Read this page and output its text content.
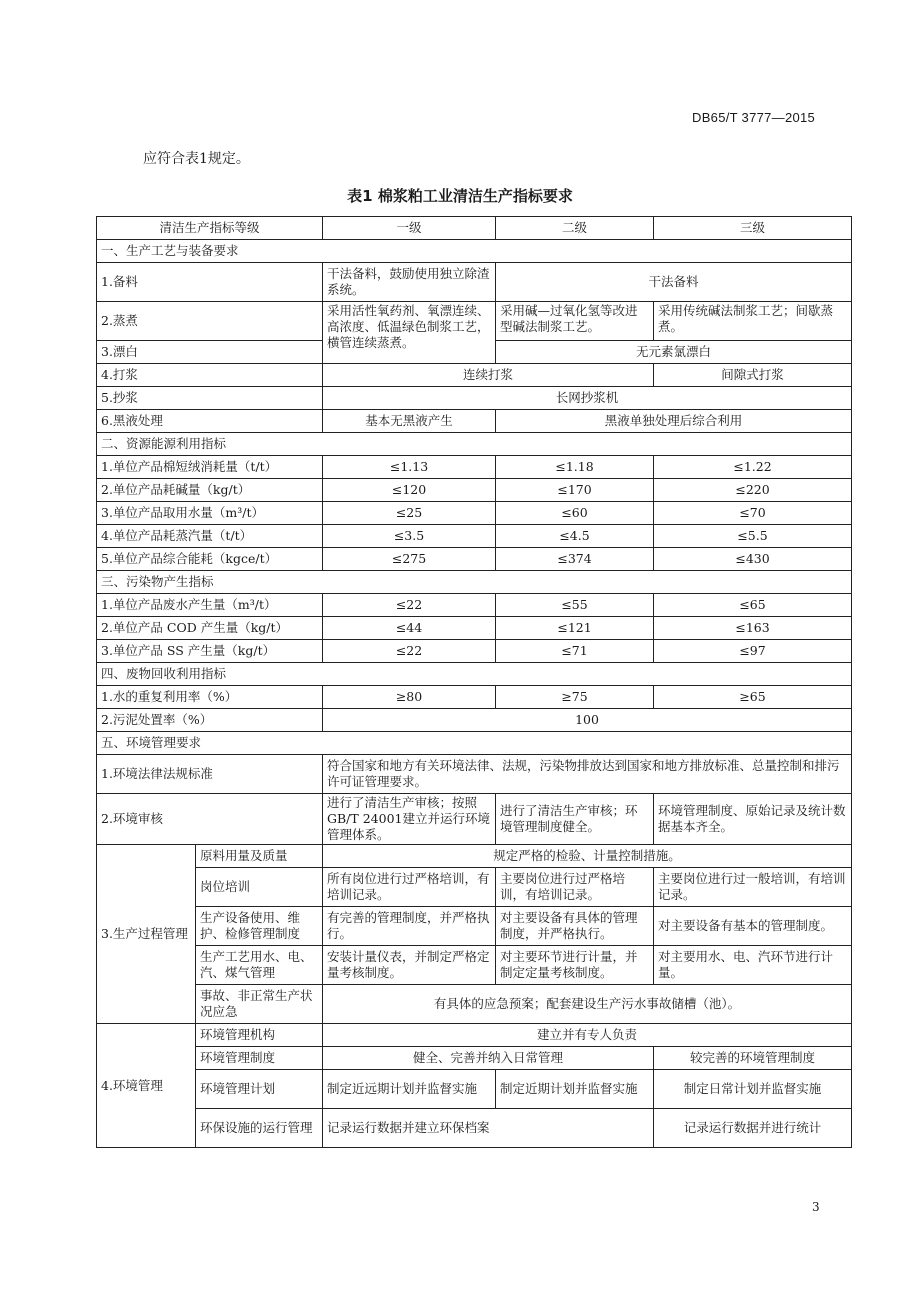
DB65/T 3777—2015
应符合表1规定。
表1 棉浆粕工业清洁生产指标要求
清洁生产指标等级		一级	二级	三级
一、生产工艺与装备要求				
1.备料		干法备料，鼓励使用独立除渣系统。	干法备料	
2.蒸煮		采用活性氧药剂、氧漂连续、高浓度、低温绿色制浆工艺，横管连续蒸煮。	采用碱—过氧化氢等改进型碱法制浆工艺。	采用传统碱法制浆工艺；间歇蒸煮。
3.漂白			无元素氯漂白	
4.打浆		连续打浆		间隙式打浆
5.抄浆		长网抄浆机		
6.黑液处理		基本无黑液产生	黑液单独处理后综合利用	
二、资源能源利用指标				
1.单位产品棉短绒消耗量（t/t）		≤1.13	≤1.18	≤1.22
2.单位产品耗碱量（kg/t）		≤120	≤170	≤220
3.单位产品取用水量（m³/t）		≤25	≤60	≤70
4.单位产品耗蒸汽量（t/t）		≤3.5	≤4.5	≤5.5
5.单位产品综合能耗（kgce/t）		≤275	≤374	≤430
三、污染物产生指标				
1.单位产品废水产生量（m³/t）		≤22	≤55	≤65
2.单位产品 COD 产生量（kg/t）		≤44	≤121	≤163
3.单位产品 SS 产生量（kg/t）		≤22	≤71	≤97
四、废物回收利用指标				
1.水的重复利用率（%）		≥80	≥75	≥65
2.污泥处置率（%）		100		
五、环境管理要求				
1.环境法律法规标准		符合国家和地方有关环境法律、法规，污染物排放达到国家和地方排放标准、总量控制和排污许可证管理要求。		
2.环境审核		进行了清洁生产审核；按照GB/T 24001建立并运行环境管理体系。	进行了清洁生产审核；环境管理制度健全。	环境管理制度、原始记录及统计数据基本齐全。
3.生产过程管理	原料用量及质量	规定严格的检验、计量控制措施。		
	岗位培训	所有岗位进行过严格培训，有培训记录。	主要岗位进行过严格培训，有培训记录。	主要岗位进行过一般培训，有培训记录。
	生产设备使用、维护、检修管理制度	有完善的管理制度，并严格执行。	对主要设备有具体的管理制度，并严格执行。	对主要设备有基本的管理制度。
	生产工艺用水、电、汽、煤气管理	安装计量仪表，并制定严格定量考核制度。	对主要环节进行计量，并制定定量考核制度。	对主要用水、电、汽环节进行计量。
	事故、非正常生产状况应急	有具体的应急预案；配套建设生产污水事故储槽（池）。		
4.环境管理	环境管理机构	建立并有专人负责		
	环境管理制度	健全、完善并纳入日常管理		较完善的环境管理制度
	环境管理计划	制定近远期计划并监督实施	制定近期计划并监督实施	制定日常计划并监督实施
	环保设施的运行管理	记录运行数据并建立环保档案		记录运行数据并进行统计
3
